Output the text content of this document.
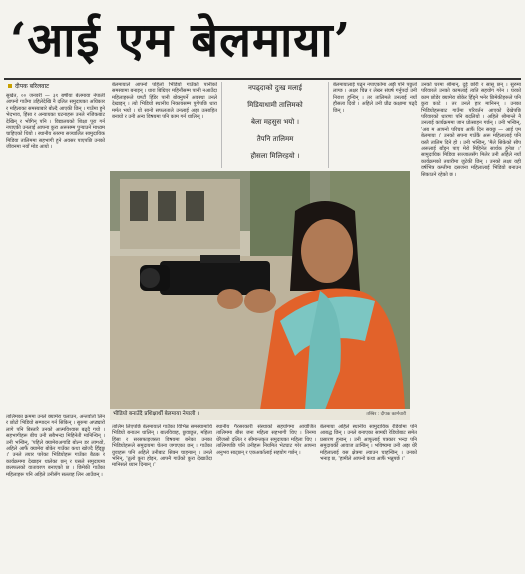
‘आई एम बेलमाया’
दीपक बरिलवाट

सुर्खेत, ०० जनवरी — ३१ बर्षीया बेलमाया नेपाली आफ्नो गाउँमा उहिलेदेखि नै दलित समुदायका अधिकार र महिलाका समस्याबारे बोल्दै आएकी छिन् । गाउँमा हुने भेदभाव, हिंसा र अन्यायका घटनाहरू उनले नजिकबाट देखिन् र भोगिन् पनि । विद्यालयको शिक्षा पूरा गर्न नपाएकी उनलाई आफ्ना कुरा अरूसम्म पुर्‍याउने माध्यम चाहिएको थियो । स्थानीय स्तरमा सञ्चालित सामुदायिक मिडिया तालिममा सहभागी हुने अवसर पाएपछि उनको जीवनमा नयाँ मोड आयो ।

तालिमका क्रममा उनले क्यामेरा चलाउन, अन्तर्वार्ता लिन र छोटो भिडियो सम्पादन गर्न सिकिन् । सुरुमा अप्ठ्यारो लागे पनि बिस्तारै उनको आत्मविश्वास बढ्दै गयो । सहभागीहरू बीच उनी सबैभन्दा मिहिनेती मानिन्थिन् । उनी भन्छिन्, 'पहिले क्यामेराअगाडि बोल्न डर लाग्थ्यो, अहिले आफैं क्यामेरा बोकेर गाउँका कथा खोज्दै हिँड्छु ।' उनले तयार पारेका भिडियोहरू गाउँका बैठक र कार्यक्रममा देखाइन थालेका छन् र यसले समुदायमा छलफलको वातावरण बनाएको छ । छिमेकी गाउँका महिलाहरू पनि अहिले उनीसँग सल्लाह लिन आउँछन् ।

बेलमायाले आफ्नो पहिलो भिडियो गाउँको पानीको समस्यामा बनाइन् । धारा बिग्रिएर महिनौंसम्म पानी नआउँदा महिलाहरूले घण्टौं हिँडेर पानी बोक्नुपर्ने अवस्था उनले देखाइन् । त्यो भिडियो स्थानीय निकायसम्म पुगेपछि धारा मर्मत भयो । यो सानो सफलताले उनलाई अझ उत्साहित बनायो र उनी अन्य विषयमा पनि काम गर्न थालिन् ।

नपढ्दाको दुःख मलाई
मिडियाधामी तालिमको
बेला महसुस भयो ।
तैपनि तालिमम
हौसला मिलिरहयो ।

बेलमायालाई पढ्न नपाएकोमा अझै पनि पछुतो लाग्छ । अक्षर चिन्न र लेख्न संघर्ष गर्नुपर्दा उनी निराश हुन्थिन् । तर तालिमले उनलाई नयाँ हौसला दियो । अहिले उनी प्रौढ कक्षामा पढ्दै छिन् ।

उनको घरमा श्रीमान्, दुई छोरी र सासू छन् । सुरुमा परिवारले उनको कामलाई त्यति सहयोग गरेन । घरको काम छोडेर क्यामेरा बोकेर हिँड्ने भनेर छिमेकीहरूले पनि कुरा काटे । तर उनले हार मानिनन् । उनका भिडियोहरूबाट गाउँमा परिवर्तन आएको देखेपछि परिवारको धारणा पनि बदलियो । अहिले श्रीमान्ले नै उनलाई कार्यक्रममा जान प्रोत्साहन गर्छन् । उनी भन्छिन्, 'अब म आफ्नो परिचय आफैं दिन सक्छु — आई एम बेलमाया ।' उनको सपना गाउँकै अरू महिलालाई पनि यस्तै तालिम दिने हो । उनी भन्छिन्, 'मैले सिकेको सीप अरूलाई बाँड्न पाए मेरो मिहिनेत सार्थक हुनेछ ।' सामुदायिक मिडिया सञ्जालसँग मिलेर उनी अहिले नयाँ कार्यक्रमको तयारीमा जुटेकी छिन् । उनको लक्ष्य यही वर्षभित्र कम्तीमा दसजना महिलालाई भिडियो बनाउन सिकाउने रहेको छ ।

भीडियो बनाउँदै प्रशिक्षार्थी बेलमाया नेपाली ।	तस्बिर : दीपक कार्मचारी

तालिम लिएपछि बेलमायाले गाउँका विभिन्न समस्यामाथि भिडियो बनाउन थालिन् । बालविवाह, छुवाछूत, महिला हिंसा र सरसफाइजस्ता विषयमा बनेका उनका भिडियोहरूले समुदायमा चेतना जगाएका छन् । गाउँका युवाहरू पनि अहिले उनीबाट सिक्न चाहन्छन् । उनले भनिन्, 'ठूलो कुरा होइन, आफ्नै गाउँको कुरा देखाउँदा मानिसले ध्यान दिन्छन् ।'

स्थानीय गैरसरकारी संस्थाको सहयोगमा आयोजित तालिममा बीस जना महिला सहभागी थिए । तिनमा धेरैजसो दलित र सीमान्तकृत समुदायका महिला थिए । तालिमपछि पनि उनीहरू नियमित भेटघाट गरेर आफ्ना अनुभव साट्छन् र एकअर्कालाई सहयोग गर्छन् ।

बेलमाया अहिले स्थानीय सामुदायिक रेडियोमा पनि आबद्ध छिन् । उनले बनाएका सामग्री रेडियोबाट समेत प्रसारण हुन्छन् । उनी आफूलाई पत्रकार भन्दा पनि समुदायकी आवाज ठान्छिन् । भविष्यमा उनी अझ धेरै महिलालाई यस क्षेत्रमा ल्याउन चाहन्छिन् । उनको भनाइ छ, 'हामीले आफ्नो कथा आफैं भन्नुपर्छ ।'
